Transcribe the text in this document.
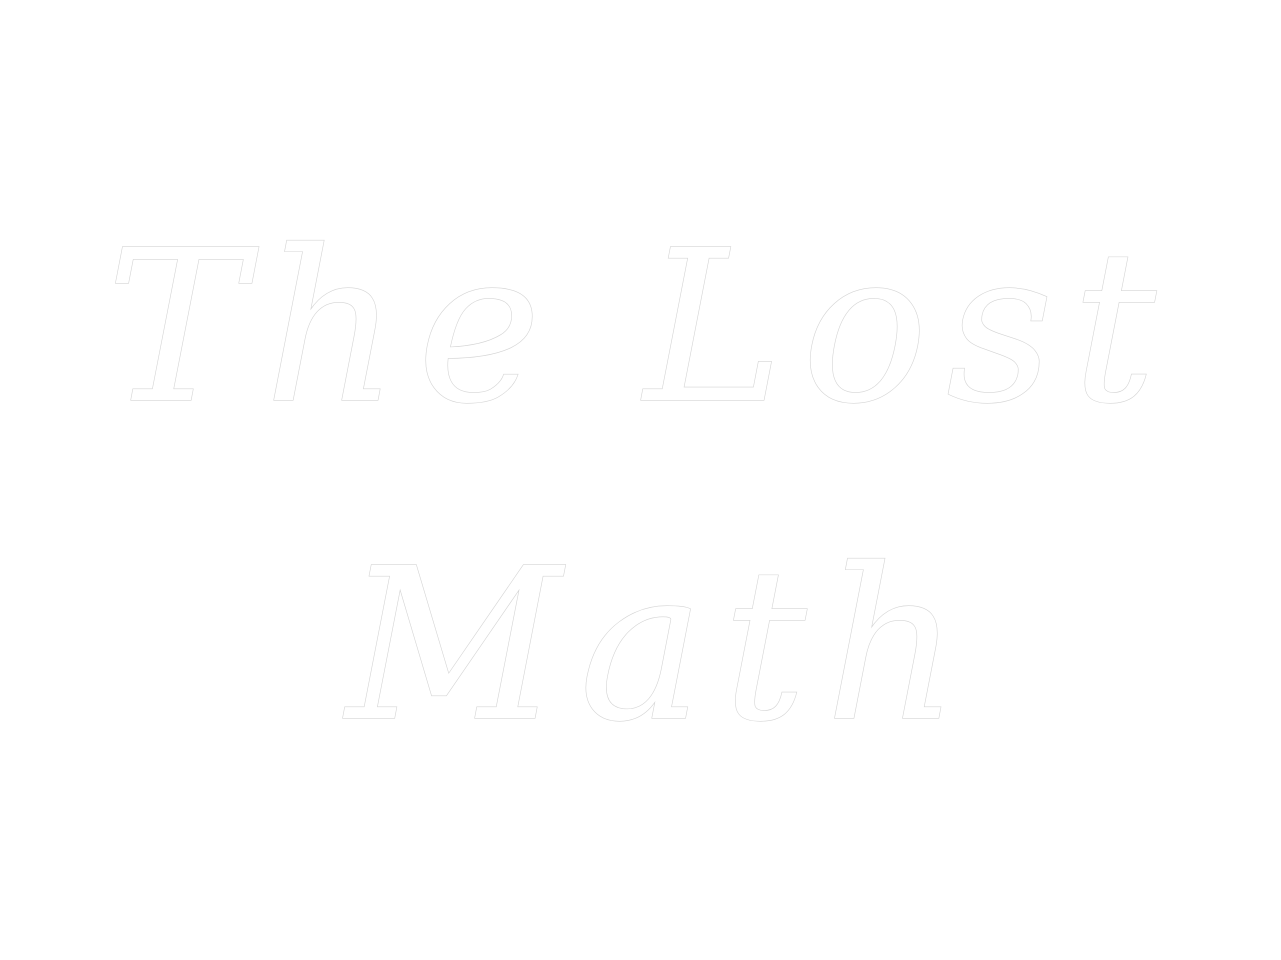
The Lost
Math
